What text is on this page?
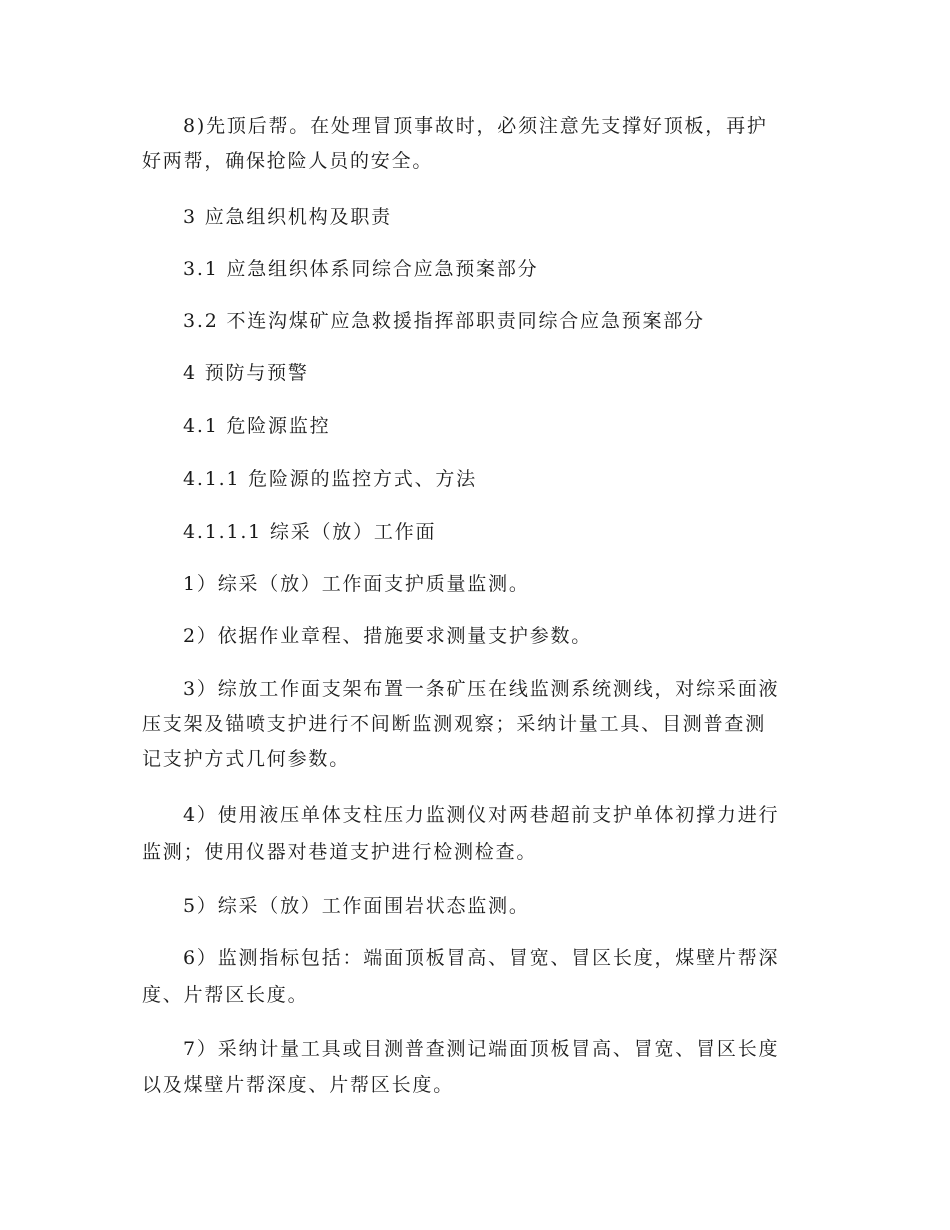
8)先顶后帮。在处理冒顶事故时，必须注意先支撑好顶板，再护

好两帮，确保抢险人员的安全。

3 应急组织机构及职责

3.1 应急组织体系同综合应急预案部分

3.2 不连沟煤矿应急救援指挥部职责同综合应急预案部分

4 预防与预警

4.1 危险源监控

4.1.1 危险源的监控方式、方法

4.1.1.1 综采（放）工作面

1）综采（放）工作面支护质量监测。

2）依据作业章程、措施要求测量支护参数。

3）综放工作面支架布置一条矿压在线监测系统测线，对综采面液

压支架及锚喷支护进行不间断监测观察；采纳计量工具、目测普查测

记支护方式几何参数。

4）使用液压单体支柱压力监测仪对两巷超前支护单体初撑力进行

监测；使用仪器对巷道支护进行检测检查。

5）综采（放）工作面围岩状态监测。

6）监测指标包括：端面顶板冒高、冒宽、冒区长度，煤壁片帮深

度、片帮区长度。

7）采纳计量工具或目测普查测记端面顶板冒高、冒宽、冒区长度

以及煤壁片帮深度、片帮区长度。
